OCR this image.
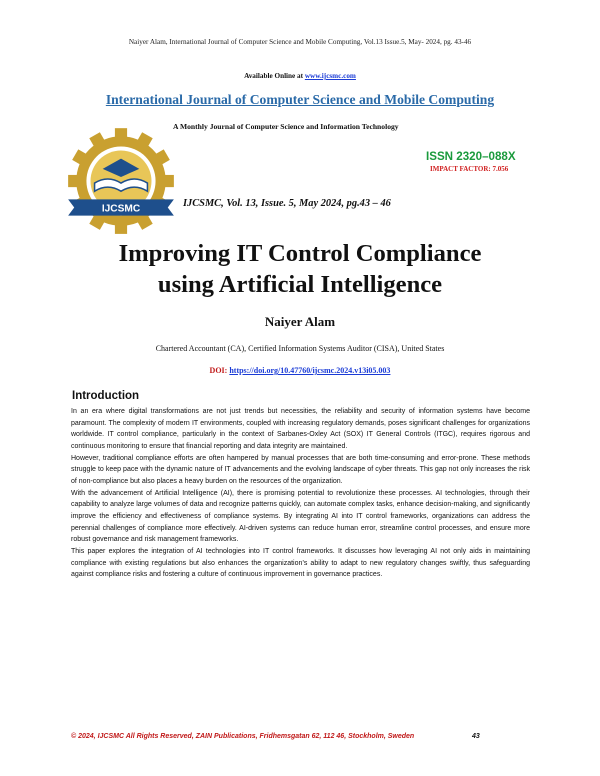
Naiyer Alam, International Journal of Computer Science and Mobile Computing, Vol.13 Issue.5, May- 2024, pg. 43-46
Available Online at www.ijcsmc.com
International Journal of Computer Science and Mobile Computing
IJCSMC
A Monthly Journal of Computer Science and Information Technology
ISSN 2320–088X
IMPACT FACTOR: 7.056
IJCSMC, Vol. 13, Issue. 5, May 2024, pg.43 – 46
Improving IT Control Compliance
using Artificial Intelligence
Naiyer Alam
Chartered Accountant (CA), Certified Information Systems Auditor (CISA), United States
DOI: https://doi.org/10.47760/ijcsmc.2024.v13i05.003
Introduction

In an era where digital transformations are not just trends but necessities, the reliability and security of information systems have become paramount. The complexity of modern IT environments, coupled with increasing regulatory demands, poses significant challenges for organizations worldwide. IT control compliance, particularly in the context of Sarbanes-Oxley Act (SOX) IT General Controls (ITGC), requires rigorous and continuous monitoring to ensure that financial reporting and data integrity are maintained.

However, traditional compliance efforts are often hampered by manual processes that are both time-consuming and error-prone. These methods struggle to keep pace with the dynamic nature of IT advancements and the evolving landscape of cyber threats. This gap not only increases the risk of non-compliance but also places a heavy burden on the resources of the organization.

With the advancement of Artificial Intelligence (AI), there is promising potential to revolutionize these processes. AI technologies, through their capability to analyze large volumes of data and recognize patterns quickly, can automate complex tasks, enhance decision-making, and significantly improve the efficiency and effectiveness of compliance systems. By integrating AI into IT control frameworks, organizations can address the perennial challenges of compliance more effectively. AI-driven systems can reduce human error, streamline control processes, and ensure more robust governance and risk management frameworks.

This paper explores the integration of AI technologies into IT control frameworks. It discusses how leveraging AI not only aids in maintaining compliance with existing regulations but also enhances the organization’s ability to adapt to new regulatory changes swiftly, thus safeguarding against compliance risks and fostering a culture of continuous improvement in governance practices.

© 2024, IJCSMC All Rights Reserved, ZAIN Publications, Fridhemsgatan 62, 112 46, Stockholm, Sweden	43
